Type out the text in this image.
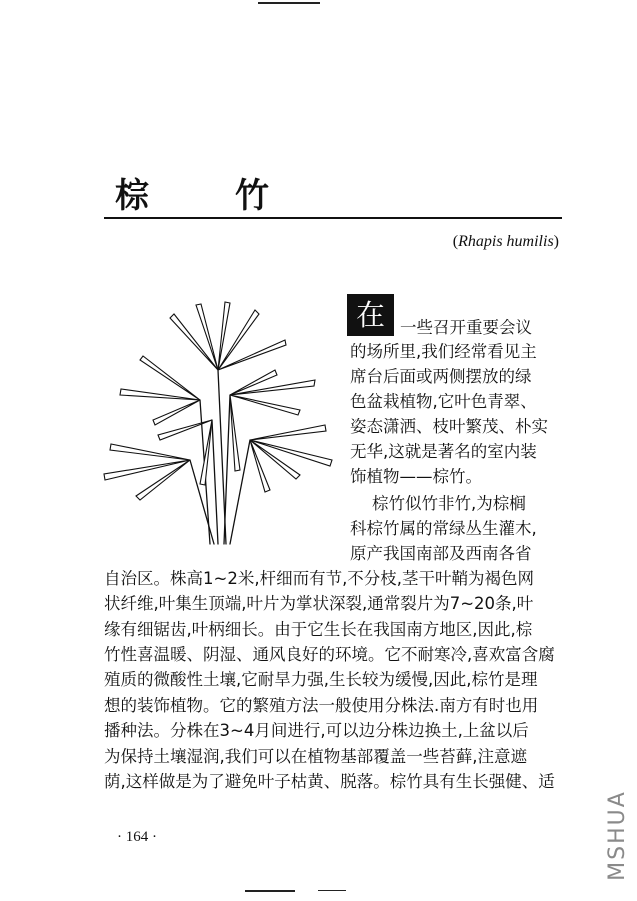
棕	竹
(Rhapis humilis)
在 一些召开重要会议
的场所里,我们经常看见主
席台后面或两侧摆放的绿
色盆栽植物,它叶色青翠、
姿态潇洒、枝叶繁茂、朴实
无华,这就是著名的室内装
饰植物——棕竹。
棕竹似竹非竹,为棕榈
科棕竹属的常绿丛生灌木,
原产我国南部及西南各省
自治区。株高1~2米,杆细而有节,不分枝,茎干叶鞘为褐色网
状纤维,叶集生顶端,叶片为掌状深裂,通常裂片为7~20条,叶
缘有细锯齿,叶柄细长。由于它生长在我国南方地区,因此,棕
竹性喜温暖、阴湿、通风良好的环境。它不耐寒冷,喜欢富含腐
殖质的微酸性土壤,它耐旱力强,生长较为缓慢,因此,棕竹是理
想的装饰植物。它的繁殖方法一般使用分株法.南方有时也用
播种法。分株在3~4月间进行,可以边分株边换土,上盆以后
为保持土壤湿润,我们可以在植物基部覆盖一些苔藓,注意遮
荫,这样做是为了避免叶子枯黄、脱落。棕竹具有生长强健、适
· 164 ·	MSHUA
